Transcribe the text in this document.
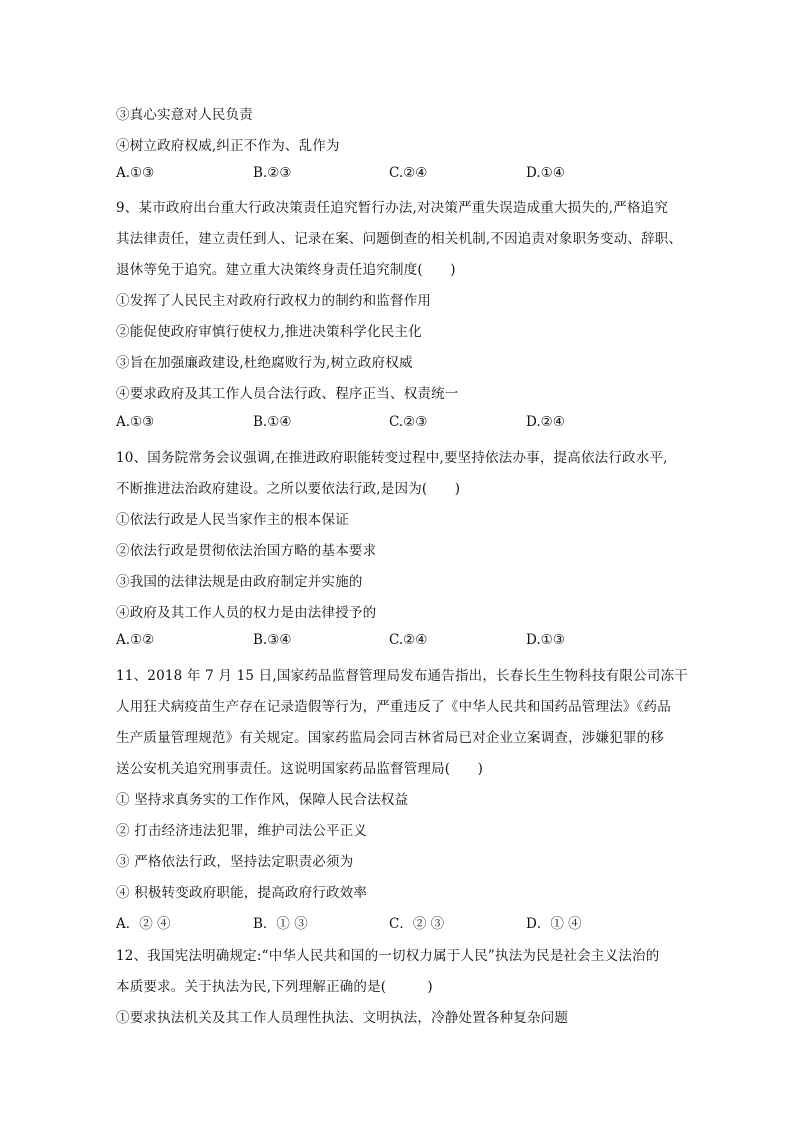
③真心实意对人民负责
④树立政府权威,纠正不作为、乱作为
A.①③	B.②③	C.②④	D.①④
9、某市政府出台重大行政决策责任追究暂行办法,对决策严重失误造成重大损失的,严格追究
其法律责任，建立责任到人、记录在案、问题倒查的相关机制,不因追责对象职务变动、辞职、
退休等免于追究。建立重大决策终身责任追究制度(　　)
①发挥了人民民主对政府行政权力的制约和监督作用
②能促使政府审慎行使权力,推进决策科学化民主化
③旨在加强廉政建设,杜绝腐败行为,树立政府权威
④要求政府及其工作人员合法行政、程序正当、权责统一
A.①③	B.①④	C.②③	D.②④
10、国务院常务会议强调,在推进政府职能转变过程中,要坚持依法办事，提高依法行政水平,
不断推进法治政府建设。之所以要依法行政,是因为(　　)
①依法行政是人民当家作主的根本保证
②依法行政是贯彻依法治国方略的基本要求
③我国的法律法规是由政府制定并实施的
④政府及其工作人员的权力是由法律授予的
A.①②	B.③④	C.②④	D.①③
11、2018 年 7 月 15 日,国家药品监督管理局发布通告指出，长春长生生物科技有限公司冻干
人用狂犬病疫苗生产存在记录造假等行为，严重违反了《中华人民共和国药品管理法》《药品
生产质量管理规范》有关规定。国家药监局会同吉林省局已对企业立案调查，涉嫌犯罪的移
送公安机关追究刑事责任。这说明国家药品监督管理局(　　)
① 坚持求真务实的工作作风，保障人民合法权益
② 打击经济违法犯罪，维护司法公平正义
③ 严格依法行政，坚持法定职责必须为
④ 积极转变政府职能，提高政府行政效率
A．② ④	B．① ③	C．② ③	D．① ④
12、我国宪法明确规定:“中华人民共和国的一切权力属于人民”执法为民是社会主义法治的
本质要求。关于执法为民,下列理解正确的是(　　　)
①要求执法机关及其工作人员理性执法、文明执法，冷静处置各种复杂问题
